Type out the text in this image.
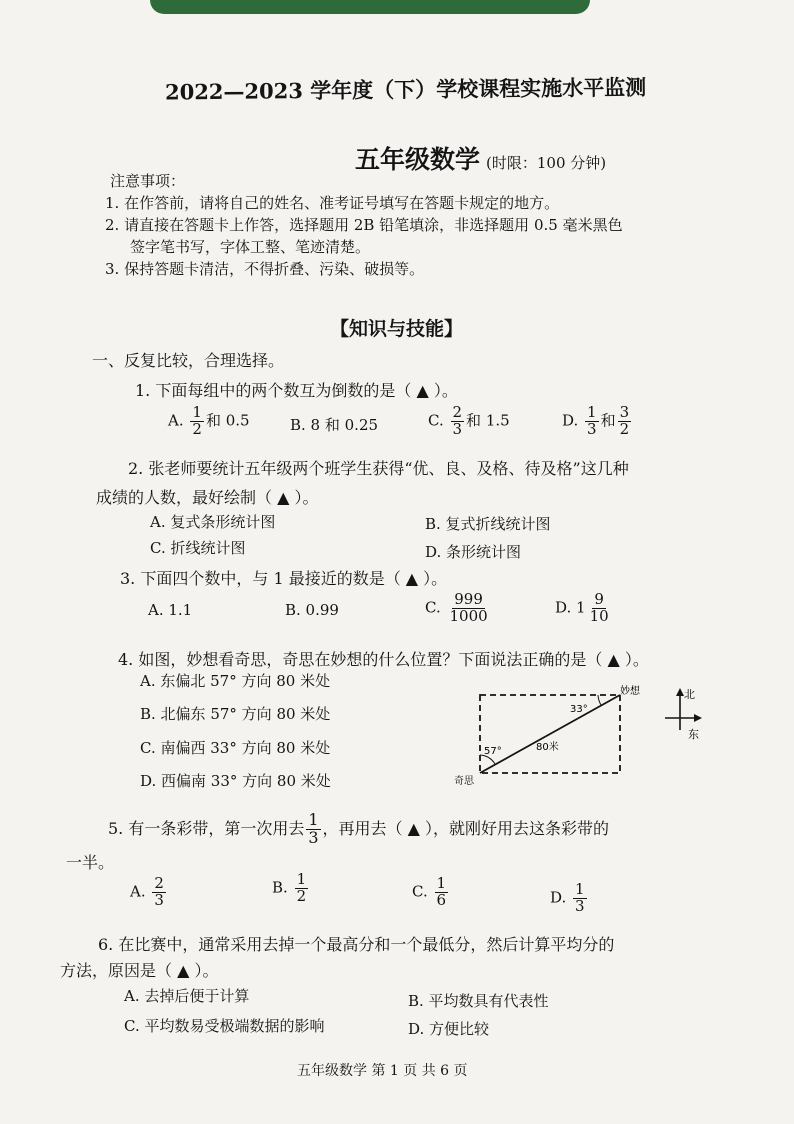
2022—2023 学年度（下）学校课程实施水平监测
五年级数学 (时限：100 分钟)
注意事项：
1. 在作答前，请将自己的姓名、准考证号填写在答题卡规定的地方。
2. 请直接在答题卡上作答，选择题用 2B 铅笔填涂，非选择题用 0.5 毫米黑色
签字笔书写，字体工整、笔迹清楚。
3. 保持答题卡清洁，不得折叠、污染、破损等。
【知识与技能】
一、反复比较，合理选择。
1. 下面每组中的两个数互为倒数的是（ ▲ ）。
A. $\frac{1}{2}$ 和 0.5	B. 8 和 0.25	C. $\frac{2}{3}$ 和 1.5	D. $\frac{1}{3}$ 和 $\frac{3}{2}$
2. 张老师要统计五年级两个班学生获得“优、良、及格、待及格”这几种
成绩的人数，最好绘制（ ▲ ）。
A. 复式条形统计图	B. 复式折线统计图
C. 折线统计图	D. 条形统计图
3. 下面四个数中，与 1 最接近的数是（ ▲ ）。
A. 1.1	B. 0.99	C. $\frac{999}{1000}$	D. $1 \frac{9}{10}$
4. 如图，妙想看奇思，奇思在妙想的什么位置？下面说法正确的是（ ▲ ）。
A. 东偏北 57° 方向 80 米处
B. 北偏东 57° 方向 80 米处
C. 南偏西 33° 方向 80 米处
D. 西偏南 33° 方向 80 米处
33°
57°	80米
妙想
奇思
北
东
5. 有一条彩带，第一次用去 $\frac{1}{3}$ ，再用去（ ▲ ），就刚好用去这条彩带的
一半。
A. $\frac{2}{3}$	B. $\frac{1}{2}$	C. $\frac{1}{6}$	D. $\frac{1}{3}$
6. 在比赛中，通常采用去掉一个最高分和一个最低分，然后计算平均分的
方法，原因是（ ▲ ）。
A. 去掉后便于计算	B. 平均数具有代表性
C. 平均数易受极端数据的影响	D. 方便比较
五年级数学 第 1 页 共 6 页
